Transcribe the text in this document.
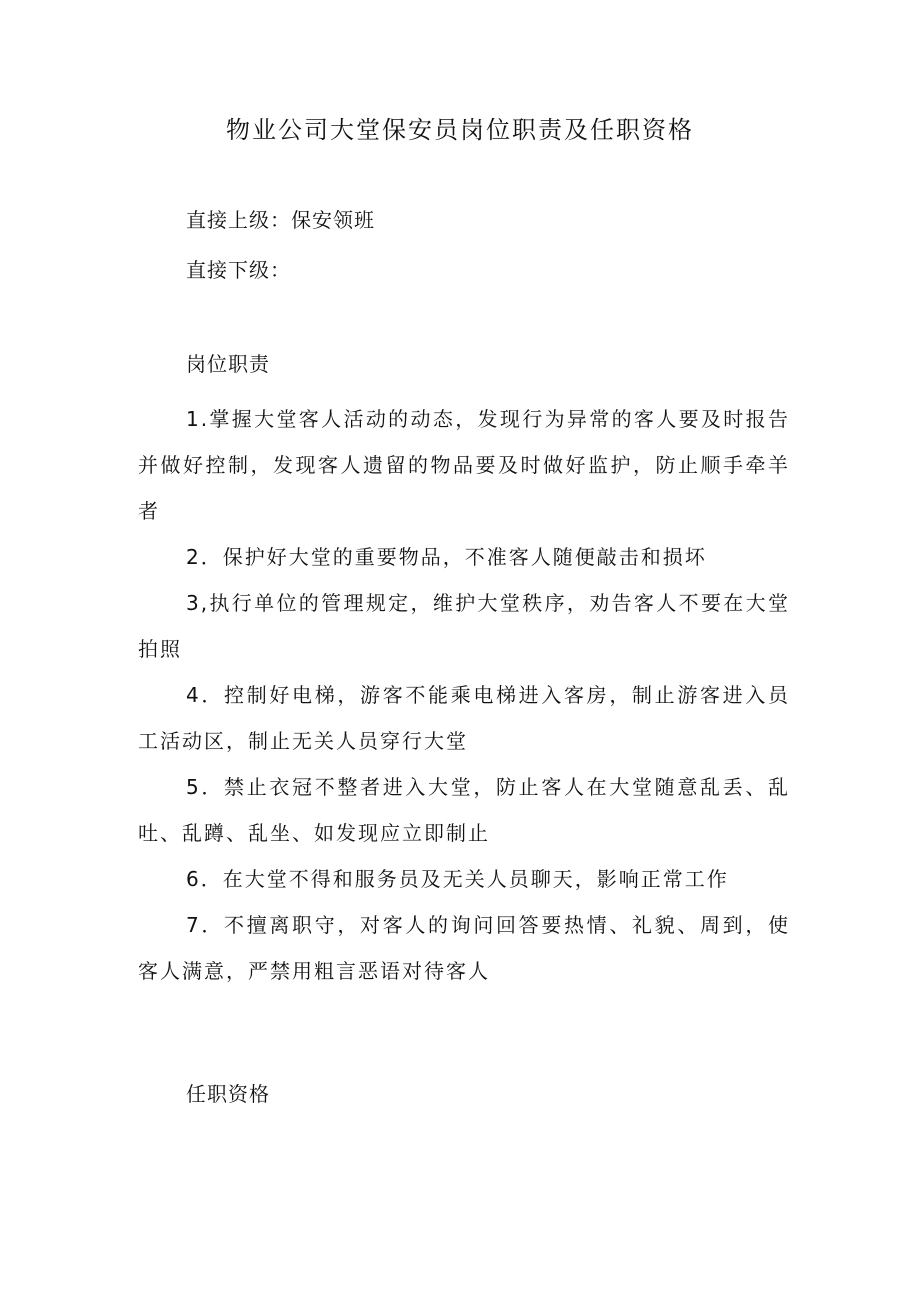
物业公司大堂保安员岗位职责及任职资格
直接上级：保安领班
直接下级：
岗位职责

1.掌握大堂客人活动的动态，发现行为异常的客人要及时报告并做好控制，发现客人遗留的物品要及时做好监护，防止顺手牵羊者

2．保护好大堂的重要物品，不准客人随便敲击和损坏

3,执行单位的管理规定，维护大堂秩序，劝告客人不要在大堂拍照

4．控制好电梯，游客不能乘电梯进入客房，制止游客进入员工活动区，制止无关人员穿行大堂

5．禁止衣冠不整者进入大堂，防止客人在大堂随意乱丢、乱吐、乱蹲、乱坐、如发现应立即制止

6．在大堂不得和服务员及无关人员聊天，影响正常工作

7．不擅离职守，对客人的询问回答要热情、礼貌、周到，使客人满意，严禁用粗言恶语对待客人

任职资格
